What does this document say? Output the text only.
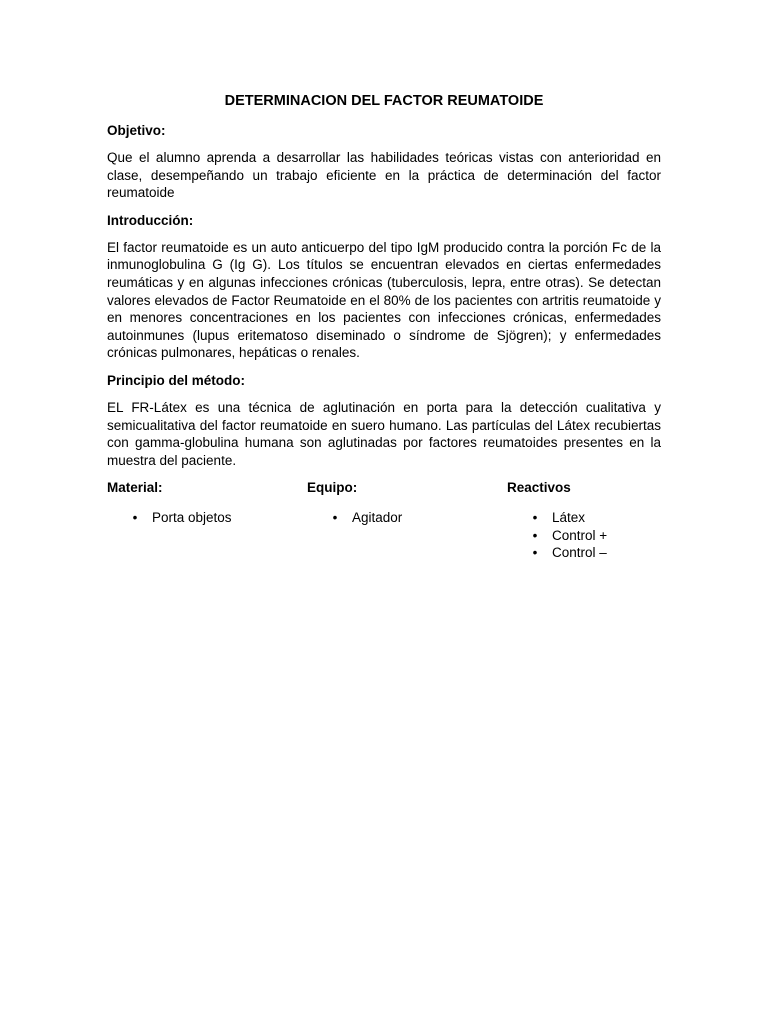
DETERMINACION DEL FACTOR REUMATOIDE
Objetivo:
Que el alumno aprenda a desarrollar las habilidades teóricas vistas con anterioridad en clase, desempeñando un trabajo eficiente en la práctica de determinación del factor reumatoide
Introducción:
El factor reumatoide es un auto anticuerpo del tipo IgM producido contra la porción Fc de la inmunoglobulina G (Ig G). Los títulos se encuentran elevados en ciertas enfermedades reumáticas y en algunas infecciones crónicas (tuberculosis, lepra, entre otras). Se detectan valores elevados de Factor Reumatoide en el 80% de los pacientes con artritis reumatoide y en menores concentraciones en los pacientes con infecciones crónicas, enfermedades autoinmunes (lupus eritematoso diseminado o síndrome de Sjögren); y enfermedades crónicas pulmonares, hepáticas o renales.
Principio del método:
EL FR-Látex es una técnica de aglutinación en porta para la detección cualitativa y semicualitativa del factor reumatoide en suero humano. Las partículas del Látex recubiertas con gamma-globulina humana son aglutinadas por factores reumatoides presentes en la muestra del paciente.
Material:
• Porta objetos
Equipo:
• Agitador
Reactivos
• Látex
• Control +
• Control –
